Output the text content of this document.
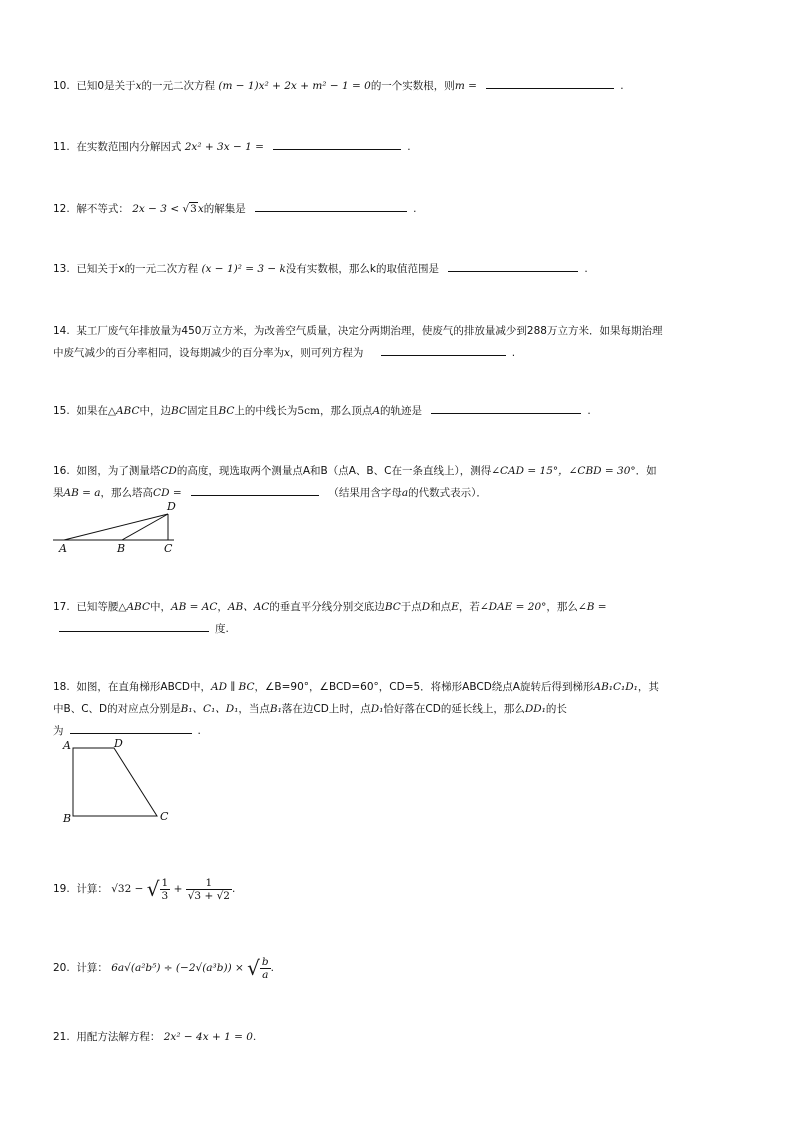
10. 已知0是关于x的一元二次方程 (m − 1)x² + 2x + m² − 1 = 0的一个实数根，则m =	.
11. 在实数范围内分解因式 2x² + 3x − 1 =	.
12. 解不等式： 2x − 3 < √3x的解集是	.
13. 已知关于x的一元二次方程 (x − 1)² = 3 − k没有实数根，那么k的取值范围是	.
14. 某工厂废气年排放量为450万立方米，为改善空气质量，决定分两期治理，使废气的排放量减少到288万立方米．如果每期治理
中废气减少的百分率相同，设每期减少的百分率为x，则可列方程为	.
15. 如果在△ABC中，边BC固定且BC上的中线长为5cm，那么顶点A的轨迹是	.
16. 如图，为了测量塔CD的高度，现选取两个测量点A和B（点A、B、C在一条直线上），测得∠CAD = 15°，∠CBD = 30°．如
果AB = a，那么塔高CD =	（结果用含字母a的代数式表示）．
D
A	B	C
17. 已知等腰△ABC中，AB = AC，AB、AC的垂直平分线分别交底边BC于点D和点E，若∠DAE = 20°，那么∠B =
度.
18. 如图，在直角梯形ABCD中，AD ∥ BC，∠B=90°，∠BCD=60°，CD=5．将梯形ABCD绕点A旋转后得到梯形AB₁C₁D₁，其
中B、C、D的对应点分别是B₁、C₁、D₁，当点B₁落在边CD上时，点D₁恰好落在CD的延长线上，那么DD₁的长
为	.
A	D
B	C
19. 计算： √32 − √ $\frac{1}{3} + \frac{1}{√3 + √2}$ .
20. 计算： 6a√(a²b⁵) ÷ (−2√(a³b)) × √ $\frac{b}{a}$ .
21. 用配方法解方程： 2x² − 4x + 1 = 0.
